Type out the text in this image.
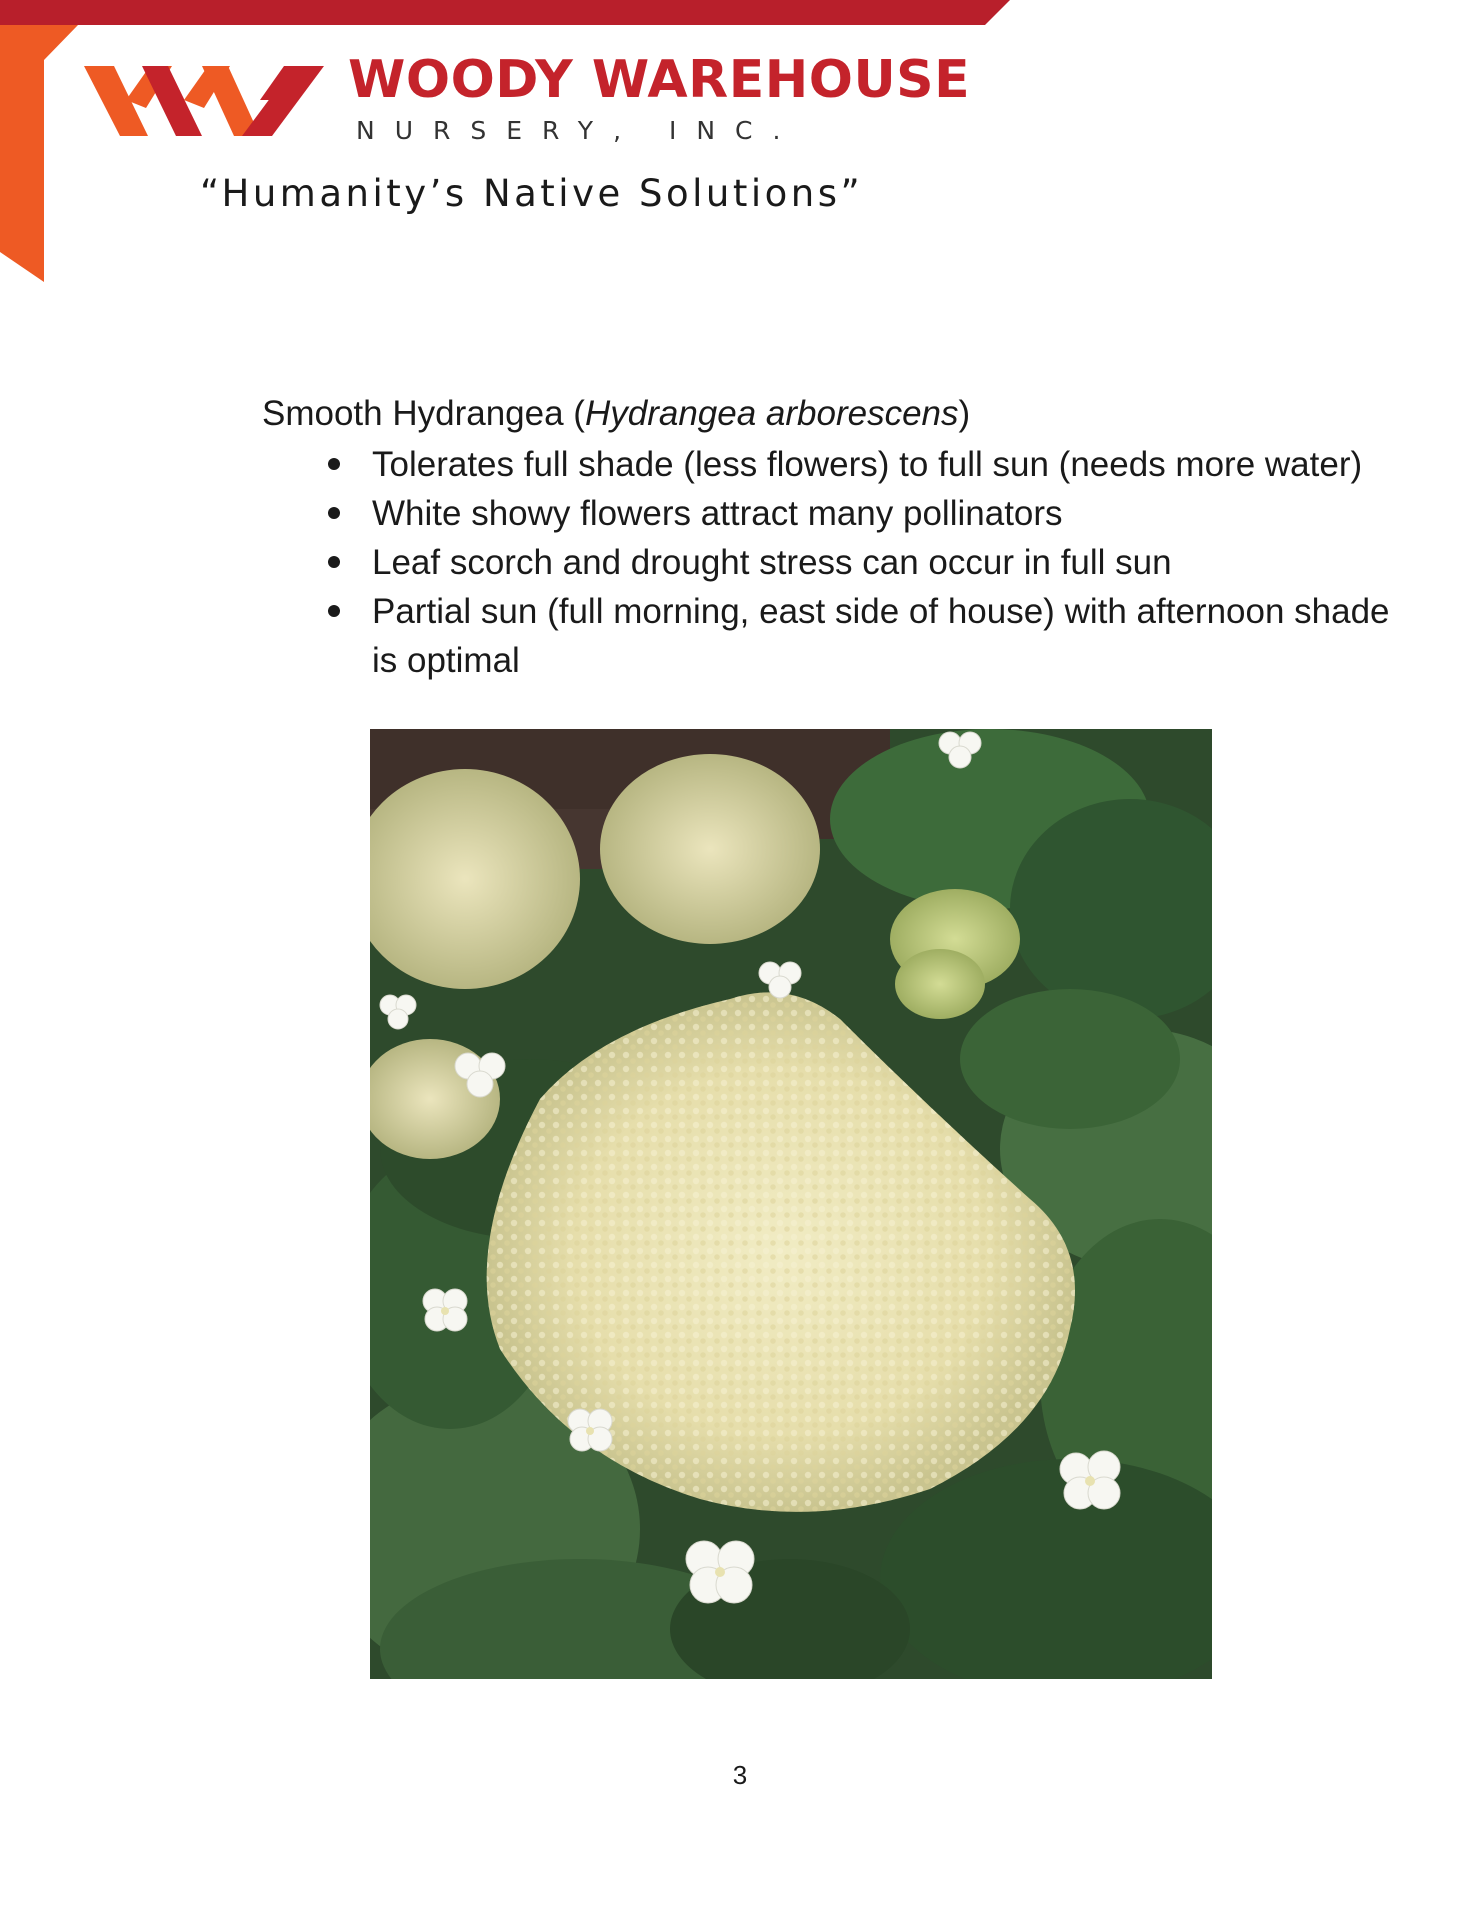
WOODY WAREHOUSE
NURSERY, INC.
“Humanity’s Native Solutions”
Smooth Hydrangea (Hydrangea arborescens)
Tolerates full shade (less flowers) to full sun (needs more water)
White showy flowers attract many pollinators
Leaf scorch and drought stress can occur in full sun
Partial sun (full morning, east side of house) with afternoon shade is optimal
3
